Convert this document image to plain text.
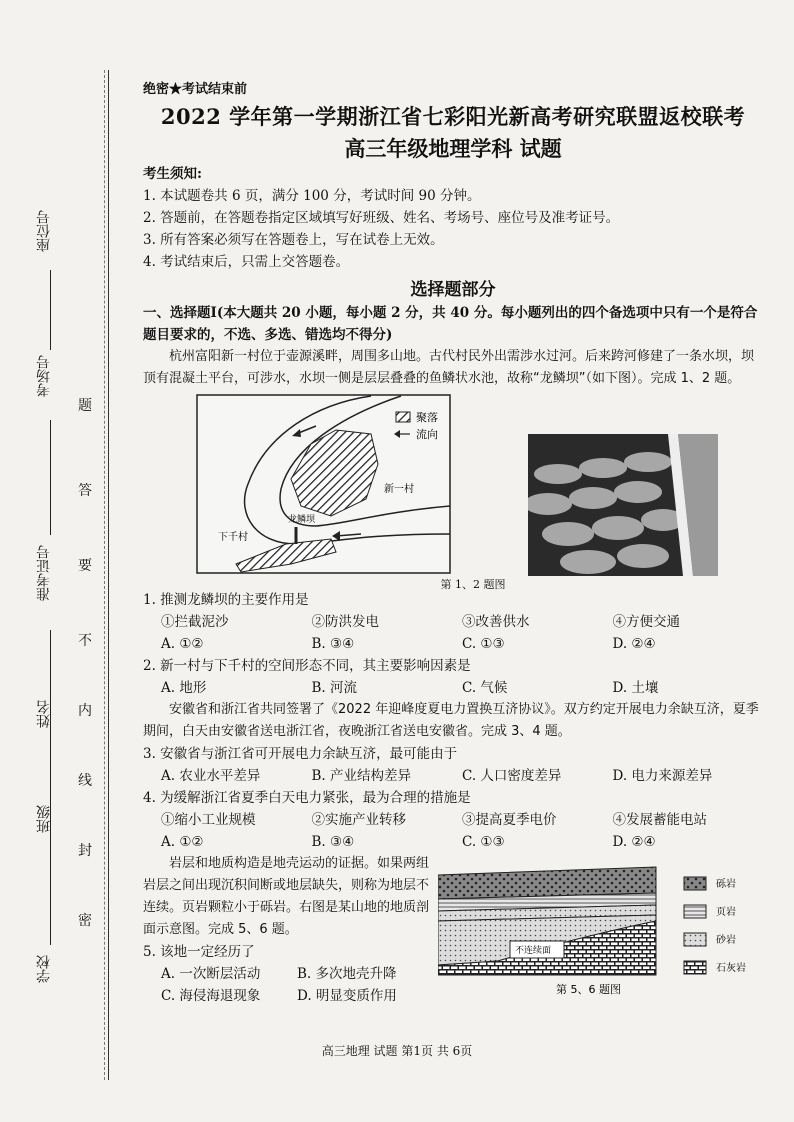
学校
班级
姓名
准考证号
考场号
座位号
密
封
线
内
不
要
答
题
绝密★考试结束前
2022 学年第一学期浙江省七彩阳光新高考研究联盟返校联考
高三年级地理学科 试题
考生须知:
1. 本试题卷共 6 页，满分 100 分，考试时间 90 分钟。
2. 答题前，在答题卷指定区域填写好班级、姓名、考场号、座位号及准考证号。
3. 所有答案必须写在答题卷上，写在试卷上无效。
4. 考试结束后，只需上交答题卷。
选择题部分
一、选择题Ⅰ(本大题共 20 小题，每小题 2 分，共 40 分。每小题列出的四个备选项中只有一个是符合题目要求的，不选、多选、错选均不得分)
杭州富阳新一村位于壶源溪畔，周围多山地。古代村民外出需涉水过河。后来跨河修建了一条水坝，坝顶有混凝土平台，可涉水，水坝一侧是层层叠叠的鱼鳞状水池，故称“龙鳞坝”（如下图）。完成 1、2 题。
聚落
流向
新一村
下千村
龙鳞坝
第 1、2 题图
1. 推测龙鳞坝的主要作用是
①拦截泥沙	②防洪发电	③改善供水	④方便交通
A. ①②	B. ③④	C. ①③	D. ②④
2. 新一村与下千村的空间形态不同，其主要影响因素是
A. 地形	B. 河流	C. 气候	D. 土壤
安徽省和浙江省共同签署了《2022 年迎峰度夏电力置换互济协议》。双方约定开展电力余缺互济，夏季期间，白天由安徽省送电浙江省，夜晚浙江省送电安徽省。完成 3、4 题。
3. 安徽省与浙江省可开展电力余缺互济，最可能由于
A. 农业水平差异	B. 产业结构差异	C. 人口密度差异	D. 电力来源差异
4. 为缓解浙江省夏季白天电力紧张，最为合理的措施是
①缩小工业规模	②实施产业转移	③提高夏季电价	④发展蓄能电站
A. ①②	B. ③④	C. ①③	D. ②④
岩层和地质构造是地壳运动的证据。如果两组岩层之间出现沉积间断或地层缺失，则称为地层不连续。页岩颗粒小于砾岩。右图是某山地的地质剖面示意图。完成 5、6 题。
5. 该地一定经历了
A. 一次断层活动	B. 多次地壳升降
C. 海侵海退现象	D. 明显变质作用
不连续面
砾岩
页岩
砂岩
石灰岩
第 5、6 题图
高三地理 试题 第1页 共 6页
